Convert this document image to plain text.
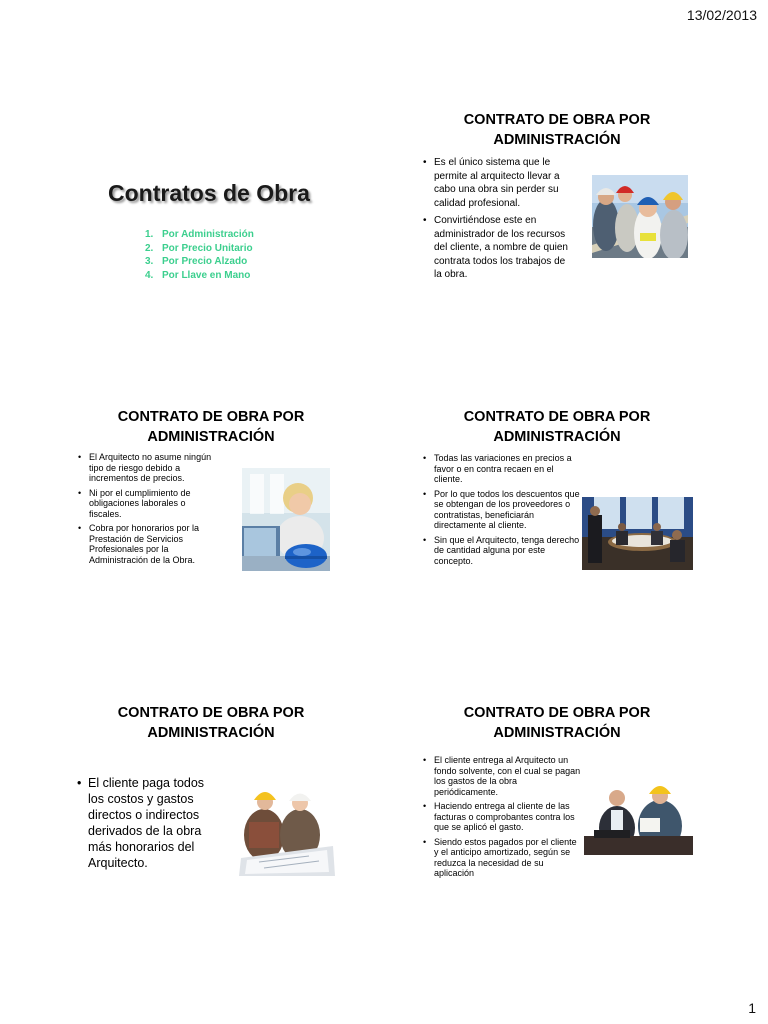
13/02/2013
Contratos de Obra
1. Por Administración
2. Por Precio Unitario
3. Por Precio Alzado
4. Por Llave en Mano
CONTRATO DE OBRA POR
ADMINISTRACIÓN
• Es el único sistema que le permite al arquitecto llevar a cabo una obra sin perder su calidad profesional.
• Convirtiéndose este en administrador de los recursos del cliente, a nombre de quien contrata todos los trabajos de la obra.
CONTRATO DE OBRA POR
ADMINISTRACIÓN
• El Arquitecto no asume ningún tipo de riesgo debido a incrementos de precios.
• Ni por el cumplimiento de obligaciones laborales o fiscales.
• Cobra por honorarios por la Prestación de Servicios Profesionales por la Administración de la Obra.
CONTRATO DE OBRA POR
ADMINISTRACIÓN
• Todas las variaciones en precios a favor o en contra recaen en el cliente.
• Por lo que todos los descuentos que se obtengan de los proveedores o contratistas, beneficiarán directamente al cliente.
• Sin que el Arquitecto, tenga derecho de cantidad alguna por este concepto.
CONTRATO DE OBRA POR
ADMINISTRACIÓN
• El cliente paga todos los costos y gastos directos o indirectos derivados de la obra más honorarios del Arquitecto.
CONTRATO DE OBRA POR
ADMINISTRACIÓN
• El cliente entrega al Arquitecto un fondo solvente, con el cual se pagan los gastos de la obra periódicamente.
• Haciendo entrega al cliente de las facturas o comprobantes contra los que se aplicó el gasto.
• Siendo estos pagados por el cliente y el anticipo amortizado, según se reduzca la necesidad de su aplicación
1
